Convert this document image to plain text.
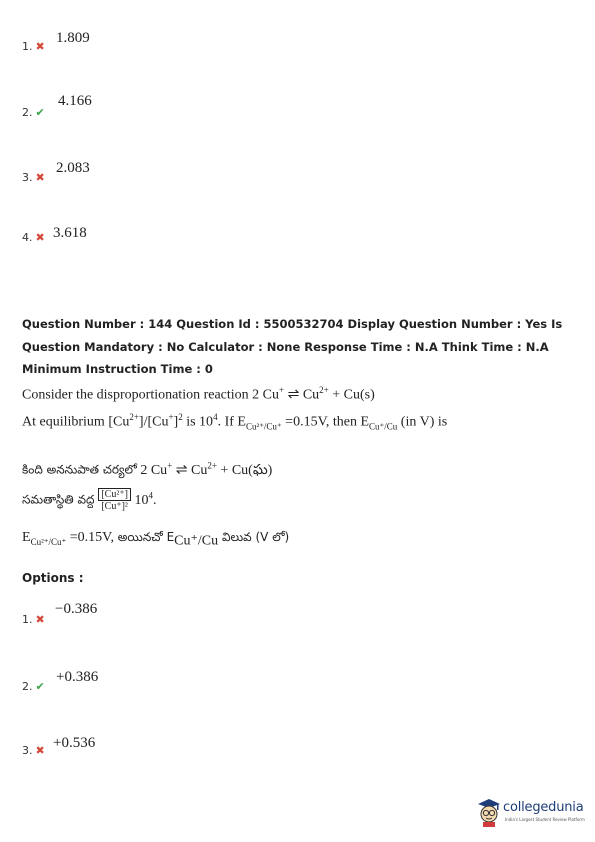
1. ✖
1.809
2. ✔
4.166
3. ✖
2.083
4. ✖ 3.618
Question Number : 144 Question Id : 5500532704 Display Question Number : Yes Is Question Mandatory : No Calculator : None Response Time : N.A Think Time : N.A Minimum Instruction Time : 0
Consider the disproportionation reaction 2 Cu+ ⇌ $Cu^{2+} + Cu(s)$
At equilibrium $[Cu^{2+}]/[Cu^+]^2$ is $10^4$. If $E_{Cu^{2+}/Cu^+} =0.15V$, then $E_{Cu^+/Cu}$ (in V) is
కింది అననుపాత చర్యలో 2 Cu+ ⇌ $Cu^{2+}$ + Cu(ఘ)
సమతాస్థితి వద్ద $\frac{\text{[Cu²⁺]}}{\text{[Cu⁺]²}} 10^4$.
$E_{Cu^{2+}/Cu^+} =0.15V$, అయినచో $E_{Cu^+/Cu}$ విలువ (V లో)
Options :
1. ✖
−0.386
2. ✔
+0.386
3. ✖ +0.536
collegedunia
India's Largest Student Review Platform
